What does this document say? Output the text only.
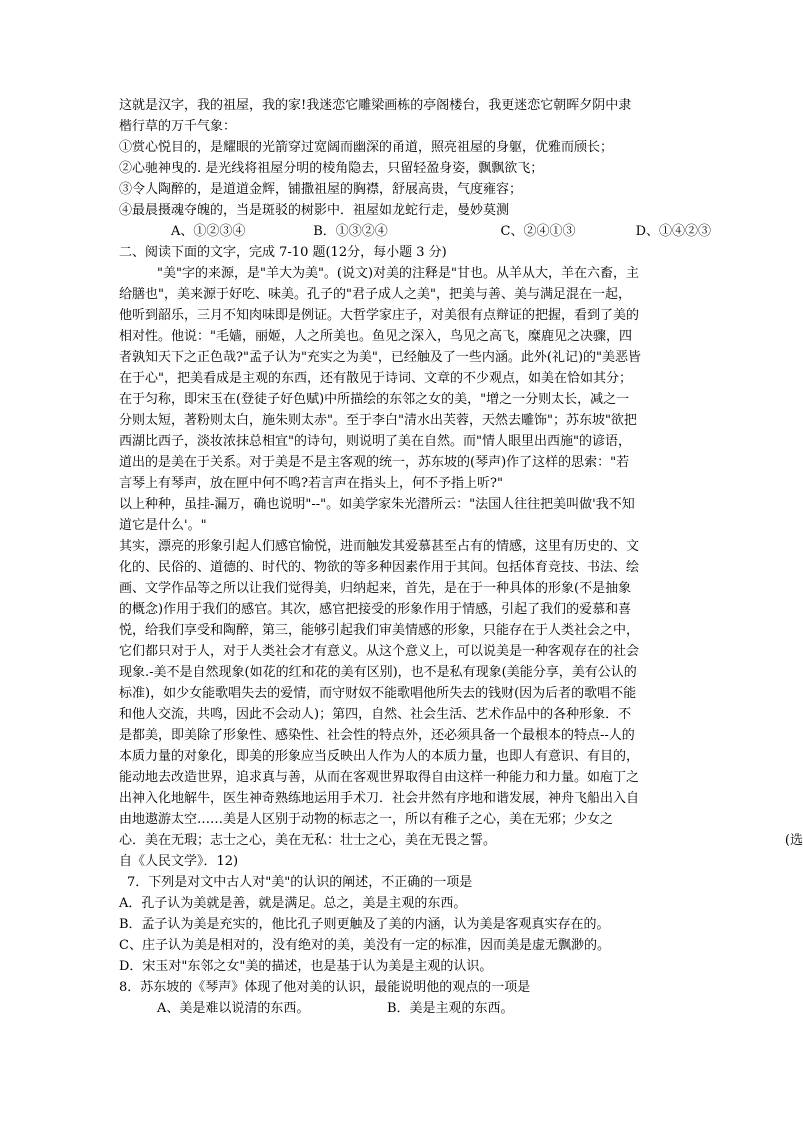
这就是汉字，我的祖屋，我的家!我迷恋它雕梁画栋的亭阁楼台，我更迷恋它朝晖夕阴中隶
楷行草的万千气象：
①赏心悦目的，是耀眼的光箭穿过宽阔而幽深的甬道，照亮祖屋的身躯，优雅而颀长；
②心驰神曳的. 是光线将祖屋分明的棱角隐去，只留轻盈身姿，飘飘欲飞；
③令人陶醉的，是道道金辉，铺撒祖屋的胸襟，舒展高贵，气度雍容；
④最晨摄魂夺魄的，当是斑驳的树影中．祖屋如龙蛇行走，曼妙莫测
A、①②③④	B．①③②④	C、②④①③	D、①④②③
二、阅读下面的文字，完成 7-10 题(12分，每小题 3 分)
"美"字的来源，是"羊大为美"。(说文)对美的注释是"甘也。从羊从大，羊在六畜，主
给膳也"，美来源于好吃、味美。孔子的"君子成人之美"，把美与善、美与满足混在一起，
他听到韶乐，三月不知肉味即是例证。大哲学家庄子，对美很有点辩证的把握，看到了美的
相对性。他说："毛嫱，丽姬，人之所美也。鱼见之深入，鸟见之高飞，糜鹿见之决骤，四
者孰知天下之正色哉?"孟子认为"充实之为美"，已经触及了一些内涵。此外(礼记)的"美恶皆
在于心"，把美看成是主观的东西，还有散见于诗词、文章的不少观点，如美在恰如其分；
在于匀称，即宋玉在(登徒子好色赋)中所描绘的东邻之女的美，"增之一分则太长，减之一
分则太短，著粉则太白，施朱则太赤"。至于李白"清水出芙蓉，天然去雕饰"；苏东坡"欲把
西湖比西子，淡妆浓抹总相宜"的诗句，则说明了美在自然。而"情人眼里出西施"的谚语，
道出的是美在于关系。对于美是不是主客观的统一，苏东坡的(琴声)作了这样的思索："若
言琴上有琴声，放在匣中何不鸣?若言声在指头上，何不予指上听?"
以上种种，虽挂-漏万，确也说明"--"。如美学家朱光潜所云："法国人往往把美叫做'我不知
道它是什么'。"
其实，漂亮的形象引起人们感官愉悦，进而触发其爱慕甚至占有的情感，这里有历史的、文
化的、民俗的、道德的、时代的、物欲的等多种因素作用于其间。包括体育竞技、书法、绘
画、文学作品等之所以让我们觉得美，归纳起来，首先，是在于一种具体的形象(不是抽象
的概念)作用于我们的感官。其次，感官把接受的形象作用于情感，引起了我们的爱慕和喜
悦，给我们享受和陶醉，第三，能够引起我们审美情感的形象，只能存在于人类社会之中，
它们都只对于人，对于人类社会才有意义。从这个意义上，可以说美是一种客观存在的社会
现象.-美不是自然现象(如花的红和花的美有区别)，也不是私有现象(美能分享，美有公认的
标准)，如少女能歌唱失去的爱情，而守财奴不能歌唱他所失去的钱财(因为后者的歌唱不能
和他人交流，共鸣，因此不会动人)；第四，自然、社会生活、艺术作品中的各种形象．不
是都美，即美除了形象性、感染性、社会性的特点外，还必须具备一个最根本的特点--人的
本质力量的对象化，即美的形象应当反映出人作为人的本质力量，也即人有意识、有目的，
能动地去改造世界，追求真与善，从而在客观世界取得自由这样一种能力和力量。如庖丁之
出神入化地解牛，医生神奇熟练地运用手术刀．社会井然有序地和谐发展，神舟飞船出入自
由地遨游太空……美是人区别于动物的标志之一，所以有稚子之心，美在无邪；少女之
心．美在无瑕；志士之心，美在无私：壮士之心，美在无畏之誓。	(选
自《人民文学》．12)
7．下列是对文中古人对"美"的认识的阐述，不正确的一项是
A．孔子认为美就是善，就是满足。总之，美是主观的东西。
B．孟子认为美是充实的，他比孔子则更触及了美的内涵，认为美是客观真实存在的。
C、庄子认为美是相对的，没有绝对的美，美没有一定的标准，因而美是虚无飘渺的。
D．宋玉对"东邻之女"美的描述，也是基于认为美是主观的认识。
8．苏东坡的《琴声》体现了他对美的认识，最能说明他的观点的一项是
A、美是难以说清的东西。	B．美是主观的东西。
